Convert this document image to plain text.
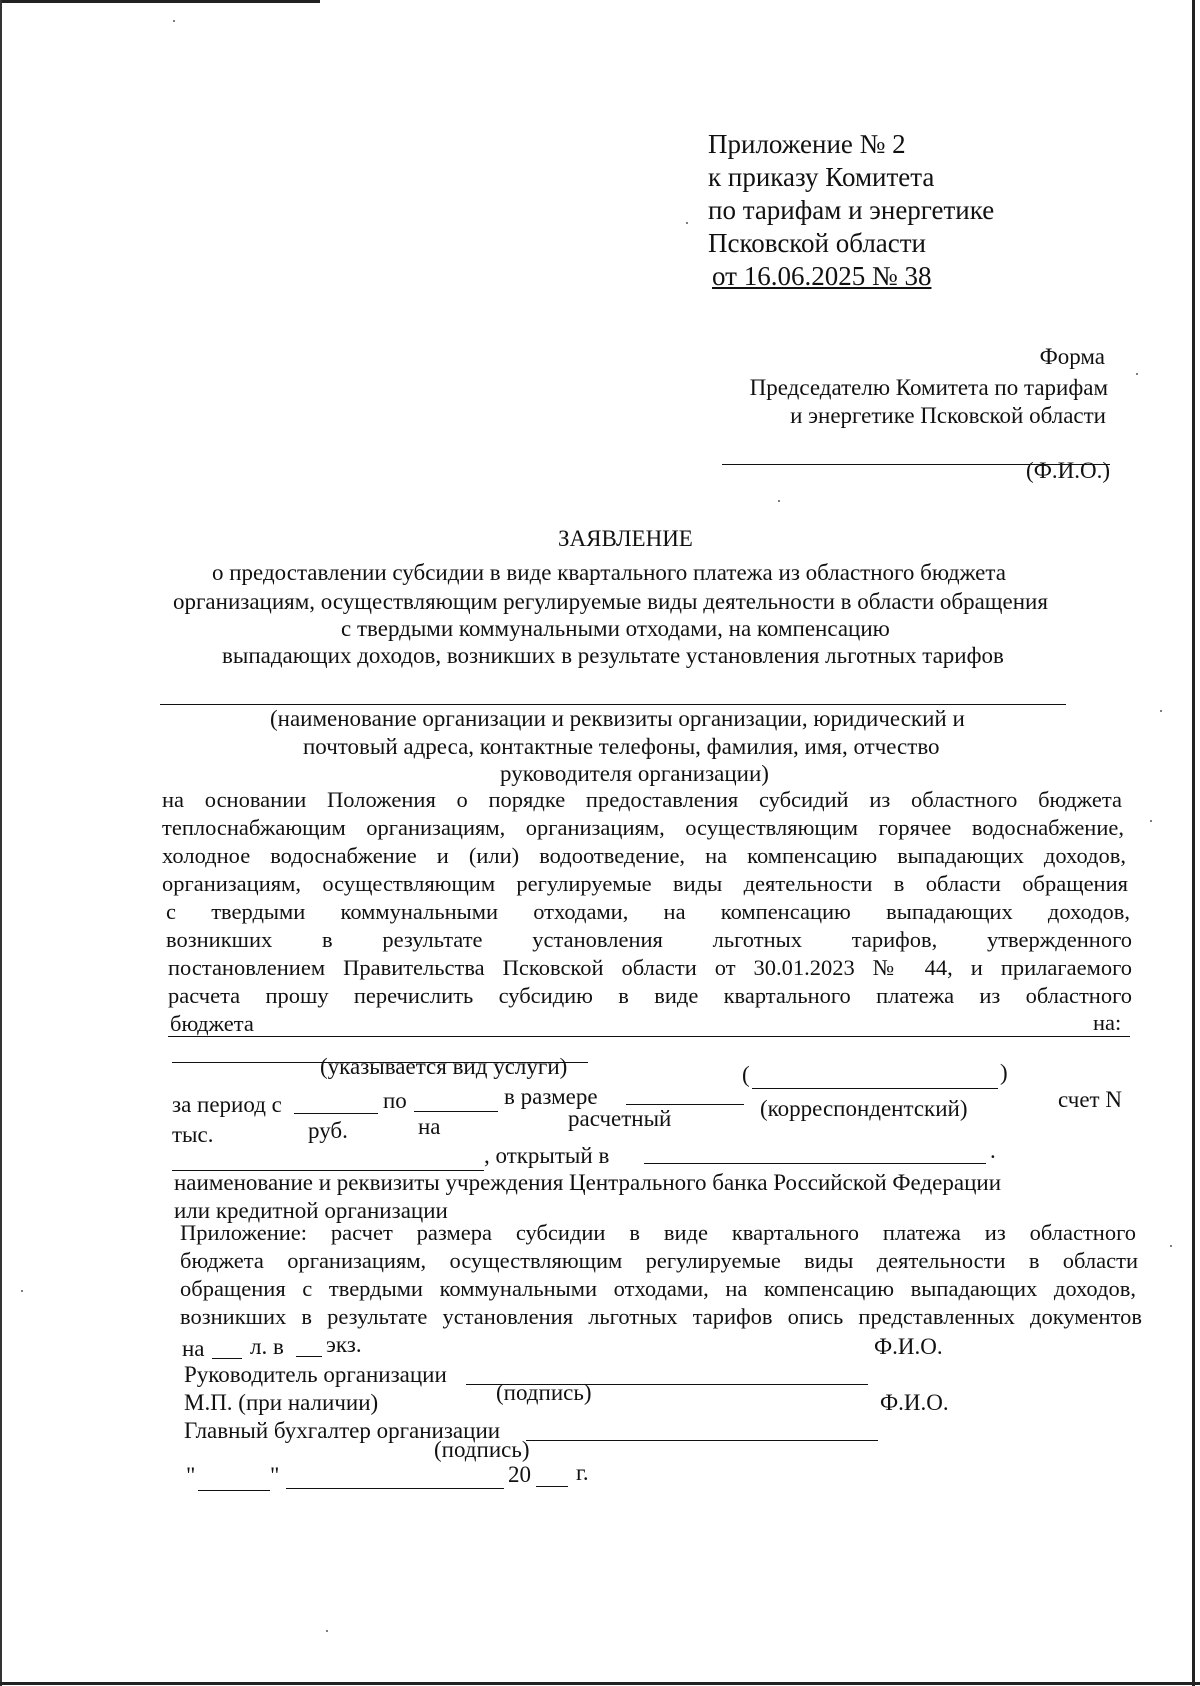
Приложение № 2
к приказу Комитета
по тарифам и энергетике
Псковской области
от 16.06.2025 № 38
Форма
Председателю Комитета по тарифам
и энергетике Псковской области
(Ф.И.О.)
ЗАЯВЛЕНИЕ
о предоставлении субсидии в виде квартального платежа из областного бюджета
организациям, осуществляющим регулируемые виды деятельности в области обращения
с твердыми коммунальными отходами, на компенсацию
выпадающих доходов, возникших в результате установления льготных тарифов
(наименование организации и реквизиты организации, юридический и
почтовый адреса, контактные телефоны, фамилия, имя, отчество
руководителя организации)
на основании Положения о порядке предоставления субсидий из областного бюджета
теплоснабжающим организациям, организациям, осуществляющим горячее водоснабжение,
холодное водоснабжение и (или) водоотведение, на компенсацию выпадающих доходов,
организациям, осуществляющим регулируемые виды деятельности в области обращения
с твердыми коммунальными отходами, на компенсацию выпадающих доходов,
возникших в результате установления льготных тарифов, утвержденного
постановлением Правительства Псковской области от 30.01.2023 № 44, и прилагаемого
расчета прошу перечислить субсидию в виде квартального платежа из областного
на:
бюджета
(указывается вид услуги)
за период с	по	в размере
(	)
счет N
тыс.	руб.	на	расчетный	(корреспондентский)
, открытый в	.
наименование и реквизиты учреждения Центрального банка Российской Федерации
или кредитной организации
Приложение: расчет размера субсидии в виде квартального платежа из областного
бюджета организациям, осуществляющим регулируемые виды деятельности в области
обращения с твердыми коммунальными отходами, на компенсацию выпадающих доходов,
возникших в результате установления льготных тарифов опись представленных документов
на л. в экз.	Ф.И.О.
Руководитель организации
М.П. (при наличии)	(подпись)	Ф.И.О.
Главный бухгалтер организации
(подпись)
"	"	20 г.
